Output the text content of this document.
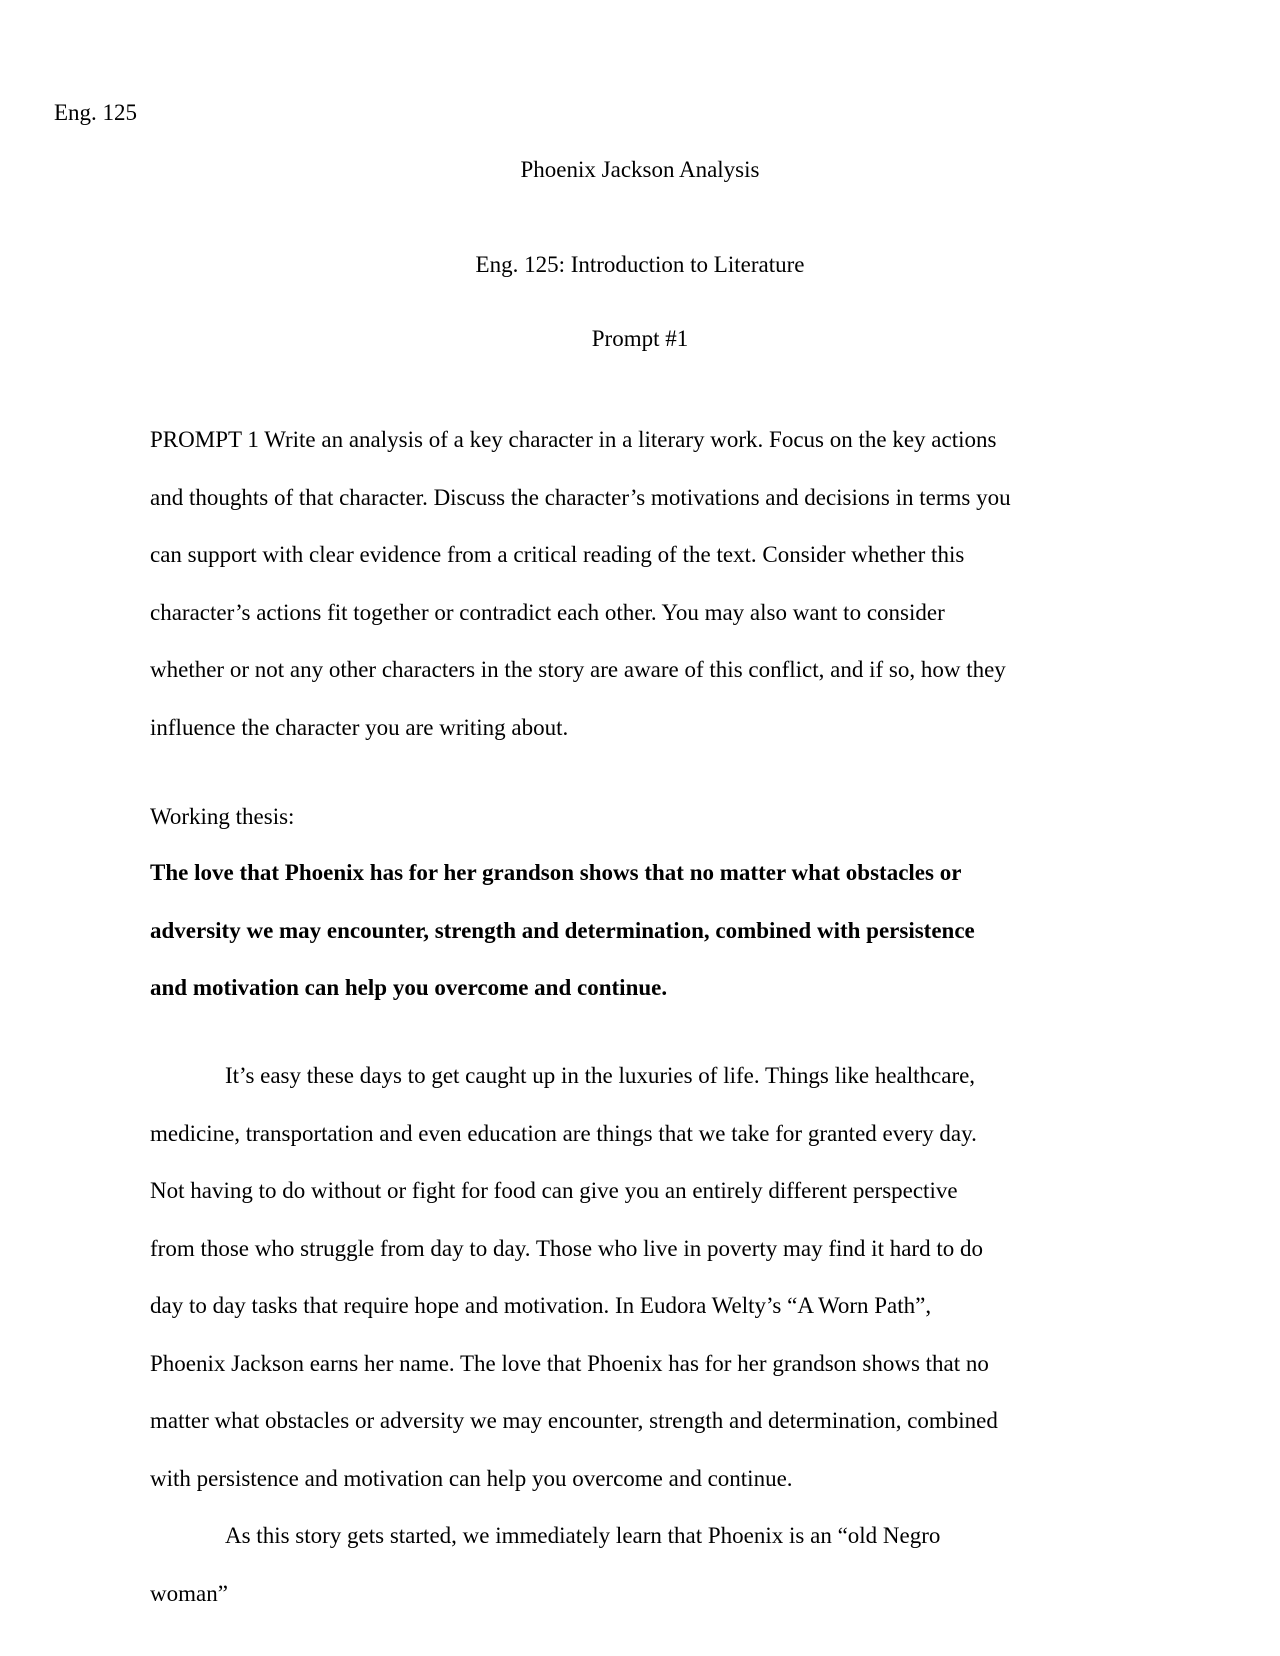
Eng. 125
Phoenix Jackson Analysis
Eng. 125: Introduction to Literature
Prompt #1
PROMPT 1 Write an analysis of a key character in a literary work. Focus on the key actions
and thoughts of that character. Discuss the character’s motivations and decisions in terms you
can support with clear evidence from a critical reading of the text. Consider whether this
character’s actions fit together or contradict each other. You may also want to consider
whether or not any other characters in the story are aware of this conflict, and if so, how they
influence the character you are writing about.
Working thesis:
The love that Phoenix has for her grandson shows that no matter what obstacles or
adversity we may encounter, strength and determination, combined with persistence
and motivation can help you overcome and continue.
It’s easy these days to get caught up in the luxuries of life. Things like healthcare,
medicine, transportation and even education are things that we take for granted every day.
Not having to do without or fight for food can give you an entirely different perspective
from those who struggle from day to day. Those who live in poverty may find it hard to do
day to day tasks that require hope and motivation. In Eudora Welty’s “A Worn Path”,
Phoenix Jackson earns her name. The love that Phoenix has for her grandson shows that no
matter what obstacles or adversity we may encounter, strength and determination, combined
with persistence and motivation can help you overcome and continue.
As this story gets started, we immediately learn that Phoenix is an “old Negro
woman”
